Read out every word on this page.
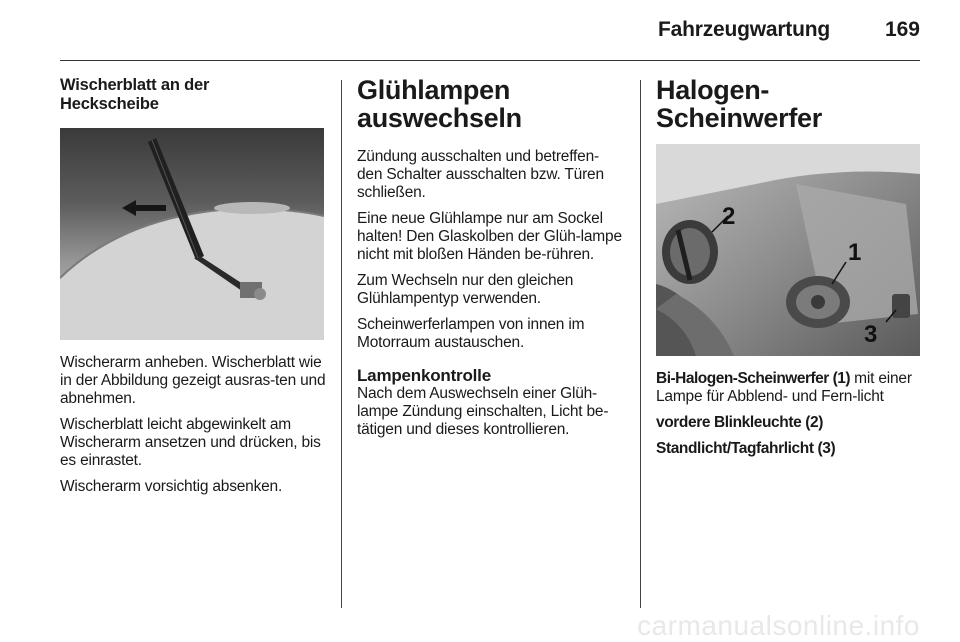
Fahrzeugwartung	169
Wischerblatt an der
Heckscheibe

Wischerarm anheben. Wischerblatt wie in der Abbildung gezeigt ausras-ten und abnehmen.

Wischerblatt leicht abgewinkelt am Wischerarm ansetzen und drücken, bis es einrastet.

Wischerarm vorsichtig absenken.

Glühlampen
auswechseln

Zündung ausschalten und betreffen-den Schalter ausschalten bzw. Türen schließen.

Eine neue Glühlampe nur am Sockel halten! Den Glaskolben der Glüh-lampe nicht mit bloßen Händen be-rühren.

Zum Wechseln nur den gleichen Glühlampentyp verwenden.

Scheinwerferlampen von innen im Motorraum austauschen.

Lampenkontrolle

Nach dem Auswechseln einer Glüh-lampe Zündung einschalten, Licht be-tätigen und dieses kontrollieren.

Halogen-Scheinwerfer
2
1
3

Bi-Halogen-Scheinwerfer (1) mit einer Lampe für Abblend- und Fern-licht

vordere Blinkleuchte (2)

Standlicht/Tagfahrlicht (3)

carmanualsonline.info
